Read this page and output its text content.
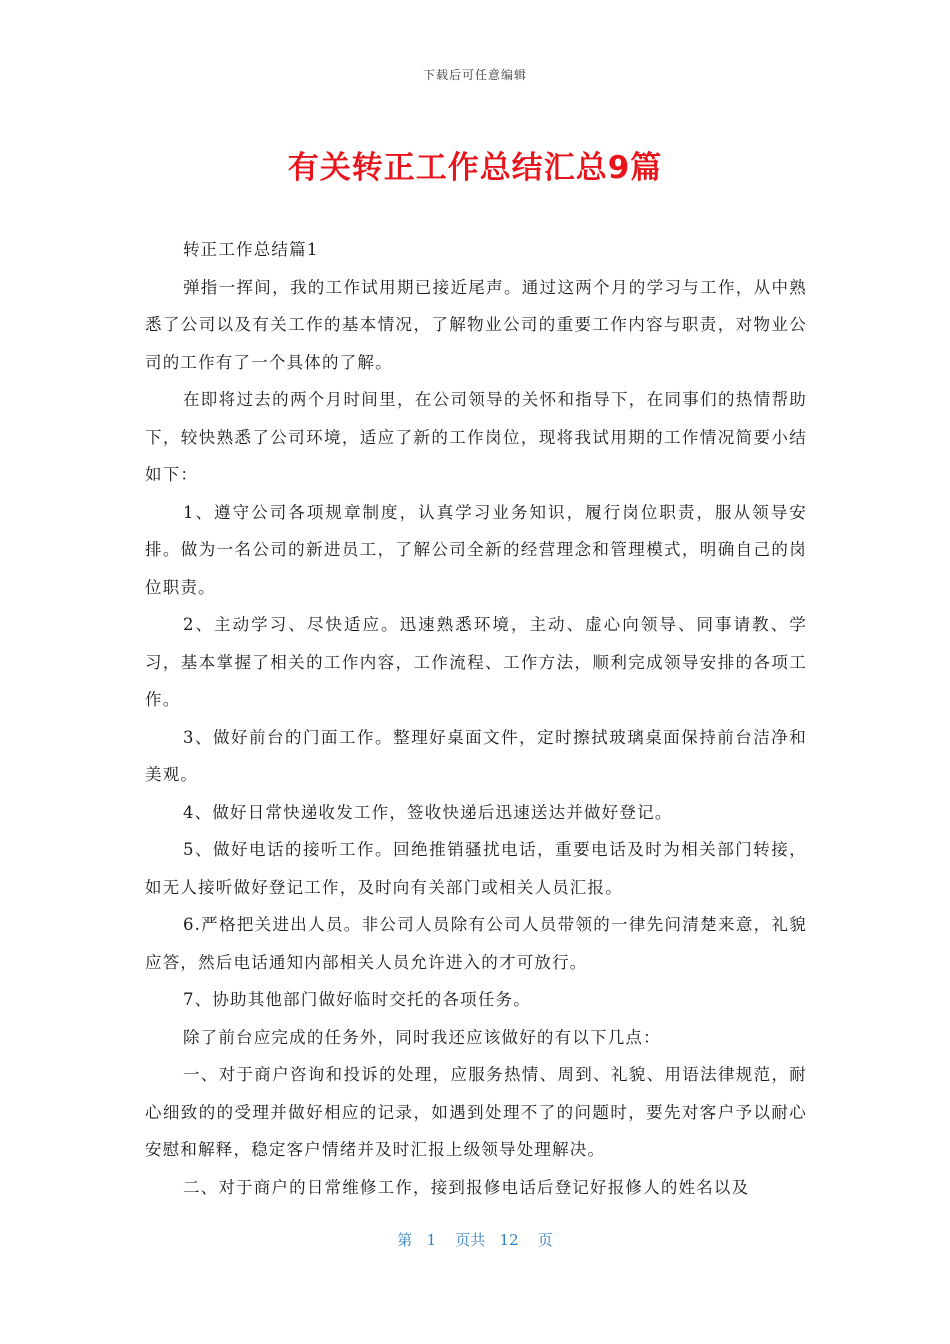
下载后可任意编辑
有关转正工作总结汇总9篇

转正工作总结篇1

弹指一挥间，我的工作试用期已接近尾声。通过这两个月的学习与工作，从中熟悉了公司以及有关工作的基本情况，了解物业公司的重要工作内容与职责，对物业公司的工作有了一个具体的了解。

在即将过去的两个月时间里，在公司领导的关怀和指导下，在同事们的热情帮助下，较快熟悉了公司环境，适应了新的工作岗位，现将我试用期的工作情况简要小结如下：

1、遵守公司各项规章制度，认真学习业务知识，履行岗位职责，服从领导安排。做为一名公司的新进员工，了解公司全新的经营理念和管理模式，明确自己的岗位职责。

2、主动学习、尽快适应。迅速熟悉环境，主动、虚心向领导、同事请教、学习，基本掌握了相关的工作内容，工作流程、工作方法，顺利完成领导安排的各项工作。

3、做好前台的门面工作。整理好桌面文件，定时擦拭玻璃桌面保持前台洁净和美观。

4、做好日常快递收发工作，签收快递后迅速送达并做好登记。

5、做好电话的接听工作。回绝推销骚扰电话，重要电话及时为相关部门转接，如无人接听做好登记工作，及时向有关部门或相关人员汇报。

6.严格把关进出人员。非公司人员除有公司人员带领的一律先问清楚来意，礼貌应答，然后电话通知内部相关人员允许进入的才可放行。

7、协助其他部门做好临时交托的各项任务。

除了前台应完成的任务外，同时我还应该做好的有以下几点：

一、对于商户咨询和投诉的处理，应服务热情、周到、礼貌、用语法律规范，耐心细致的的受理并做好相应的记录，如遇到处理不了的问题时，要先对客户予以耐心安慰和解释，稳定客户情绪并及时汇报上级领导处理解决。

二、对于商户的日常维修工作，接到报修电话后登记好报修人的姓名以及

第 1 页共 12 页
